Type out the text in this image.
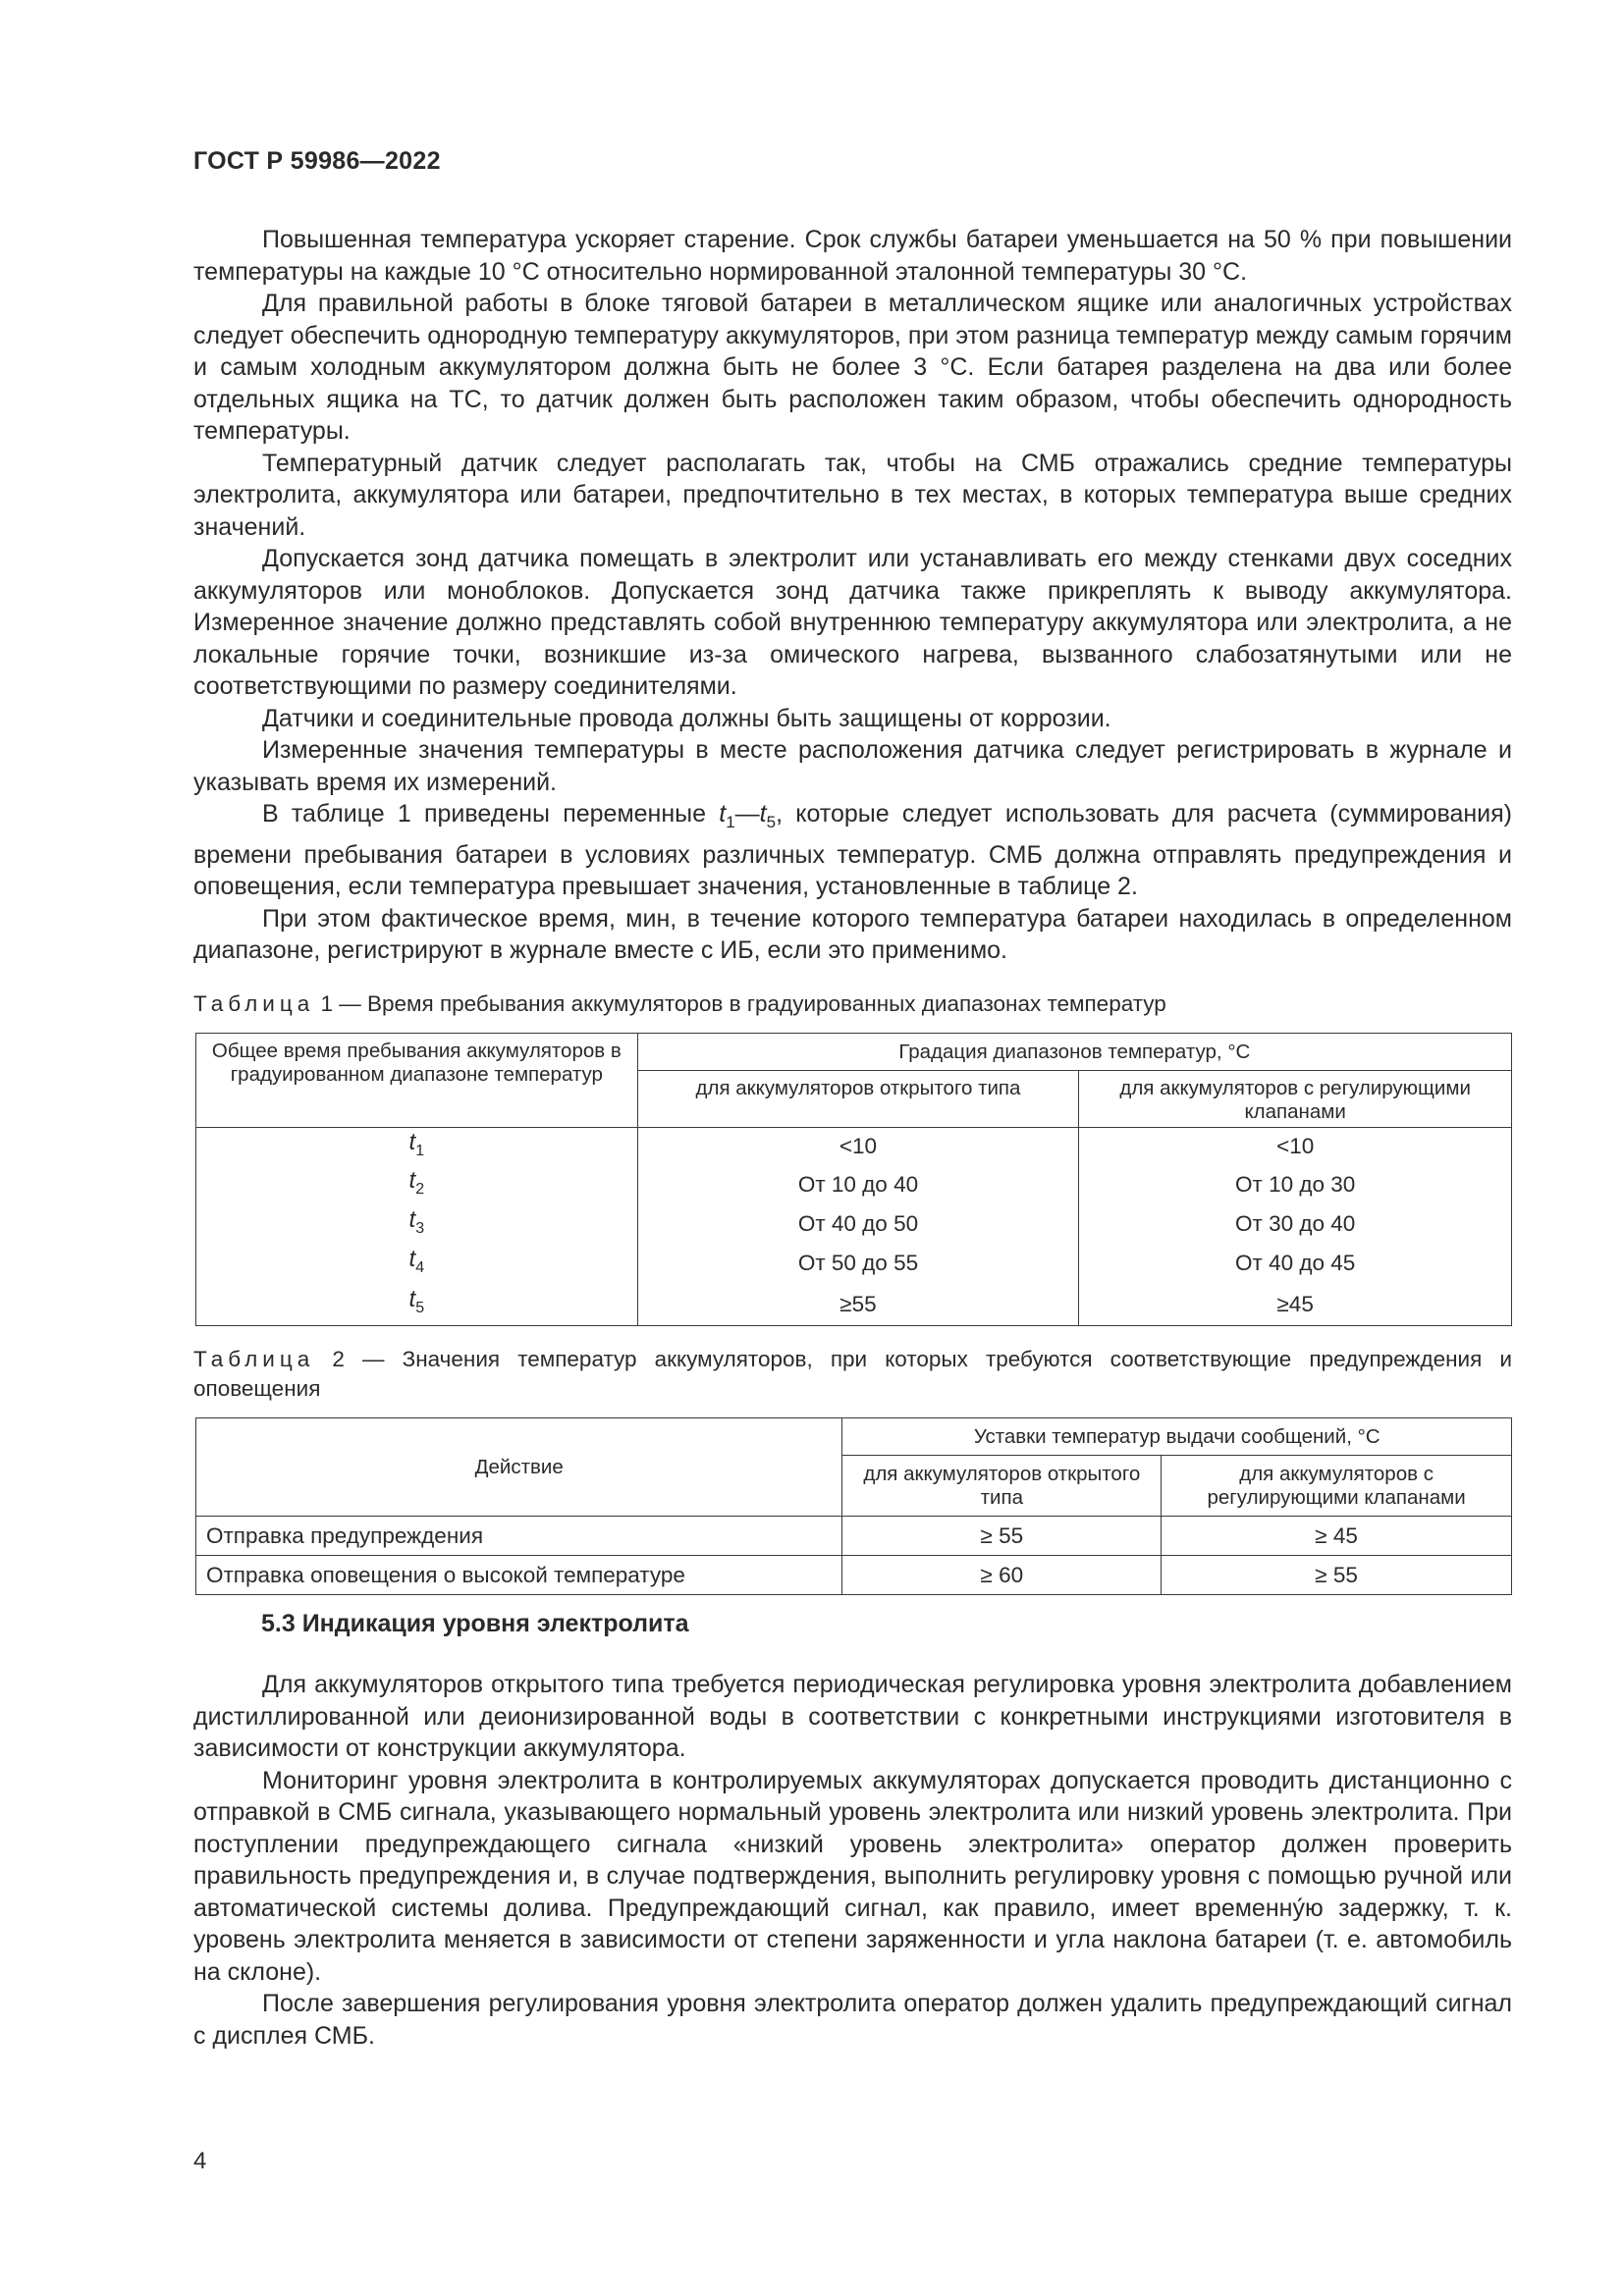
ГОСТ Р 59986—2022

Повышенная температура ускоряет старение. Срок службы батареи уменьшается на 50 % при повышении температуры на каждые 10 °С относительно нормированной эталонной температуры 30 °С.

Для правильной работы в блоке тяговой батареи в металлическом ящике или аналогичных устройствах следует обеспечить однородную температуру аккумуляторов, при этом разница температур между самым горячим и самым холодным аккумулятором должна быть не более 3 °С. Если батарея разделена на два или более отдельных ящика на ТС, то датчик должен быть расположен таким образом, чтобы обеспечить однородность температуры.

Температурный датчик следует располагать так, чтобы на СМБ отражались средние температуры электролита, аккумулятора или батареи, предпочтительно в тех местах, в которых температура выше средних значений.

Допускается зонд датчика помещать в электролит или устанавливать его между стенками двух соседних аккумуляторов или моноблоков. Допускается зонд датчика также прикреплять к выводу аккумулятора. Измеренное значение должно представлять собой внутреннюю температуру аккумулятора или электролита, а не локальные горячие точки, возникшие из-за омического нагрева, вызванного слабозатянутыми или не соответствующими по размеру соединителями.

Датчики и соединительные провода должны быть защищены от коррозии.

Измеренные значения температуры в месте расположения датчика следует регистрировать в журнале и указывать время их измерений.

В таблице 1 приведены переменные $t_1—t_5$, которые следует использовать для расчета (суммирования) времени пребывания батареи в условиях различных температур. СМБ должна отправлять предупреждения и оповещения, если температура превышает значения, установленные в таблице 2.

При этом фактическое время, мин, в течение которого температура батареи находилась в определенном диапазоне, регистрируют в журнале вместе с ИБ, если это применимо.

Таблица 1 — Время пребывания аккумуляторов в градуированных диапазонах температур
Общее время пребывания аккумуляторов в градуированном диапазоне температур	Градация диапазонов температур, °С	
	для аккумуляторов открытого типа	для аккумуляторов с регулирующими клапанами
$t_1$	<10	<10
$t_2$	От 10 до 40	От 10 до 30
$t_3$	От 40 до 50	От 30 до 40
$t_4$	От 50 до 55	От 40 до 45
$t_5$	≥55	≥45
Таблица 2 — Значения температур аккумуляторов, при которых требуются соответствующие предупреждения и оповещения
Действие	Уставки температур выдачи сообщений, °С	
	для аккумуляторов открытого типа	для аккумуляторов с регулирующими клапанами
Отправка предупреждения	≥ 55	≥ 45
Отправка оповещения о высокой температуре	≥ 60	≥ 55
5.3 Индикация уровня электролита

Для аккумуляторов открытого типа требуется периодическая регулировка уровня электролита добавлением дистиллированной или деионизированной воды в соответствии с конкретными инструкциями изготовителя в зависимости от конструкции аккумулятора.

Мониторинг уровня электролита в контролируемых аккумуляторах допускается проводить дистанционно с отправкой в СМБ сигнала, указывающего нормальный уровень электролита или низкий уровень электролита. При поступлении предупреждающего сигнала «низкий уровень электролита» оператор должен проверить правильность предупреждения и, в случае подтверждения, выполнить регулировку уровня с помощью ручной или автоматической системы долива. Предупреждающий сигнал, как правило, имеет временну́ю задержку, т. к. уровень электролита меняется в зависимости от степени заряженности и угла наклона батареи (т. е. автомобиль на склоне).

После завершения регулирования уровня электролита оператор должен удалить предупреждающий сигнал с дисплея СМБ.

4
